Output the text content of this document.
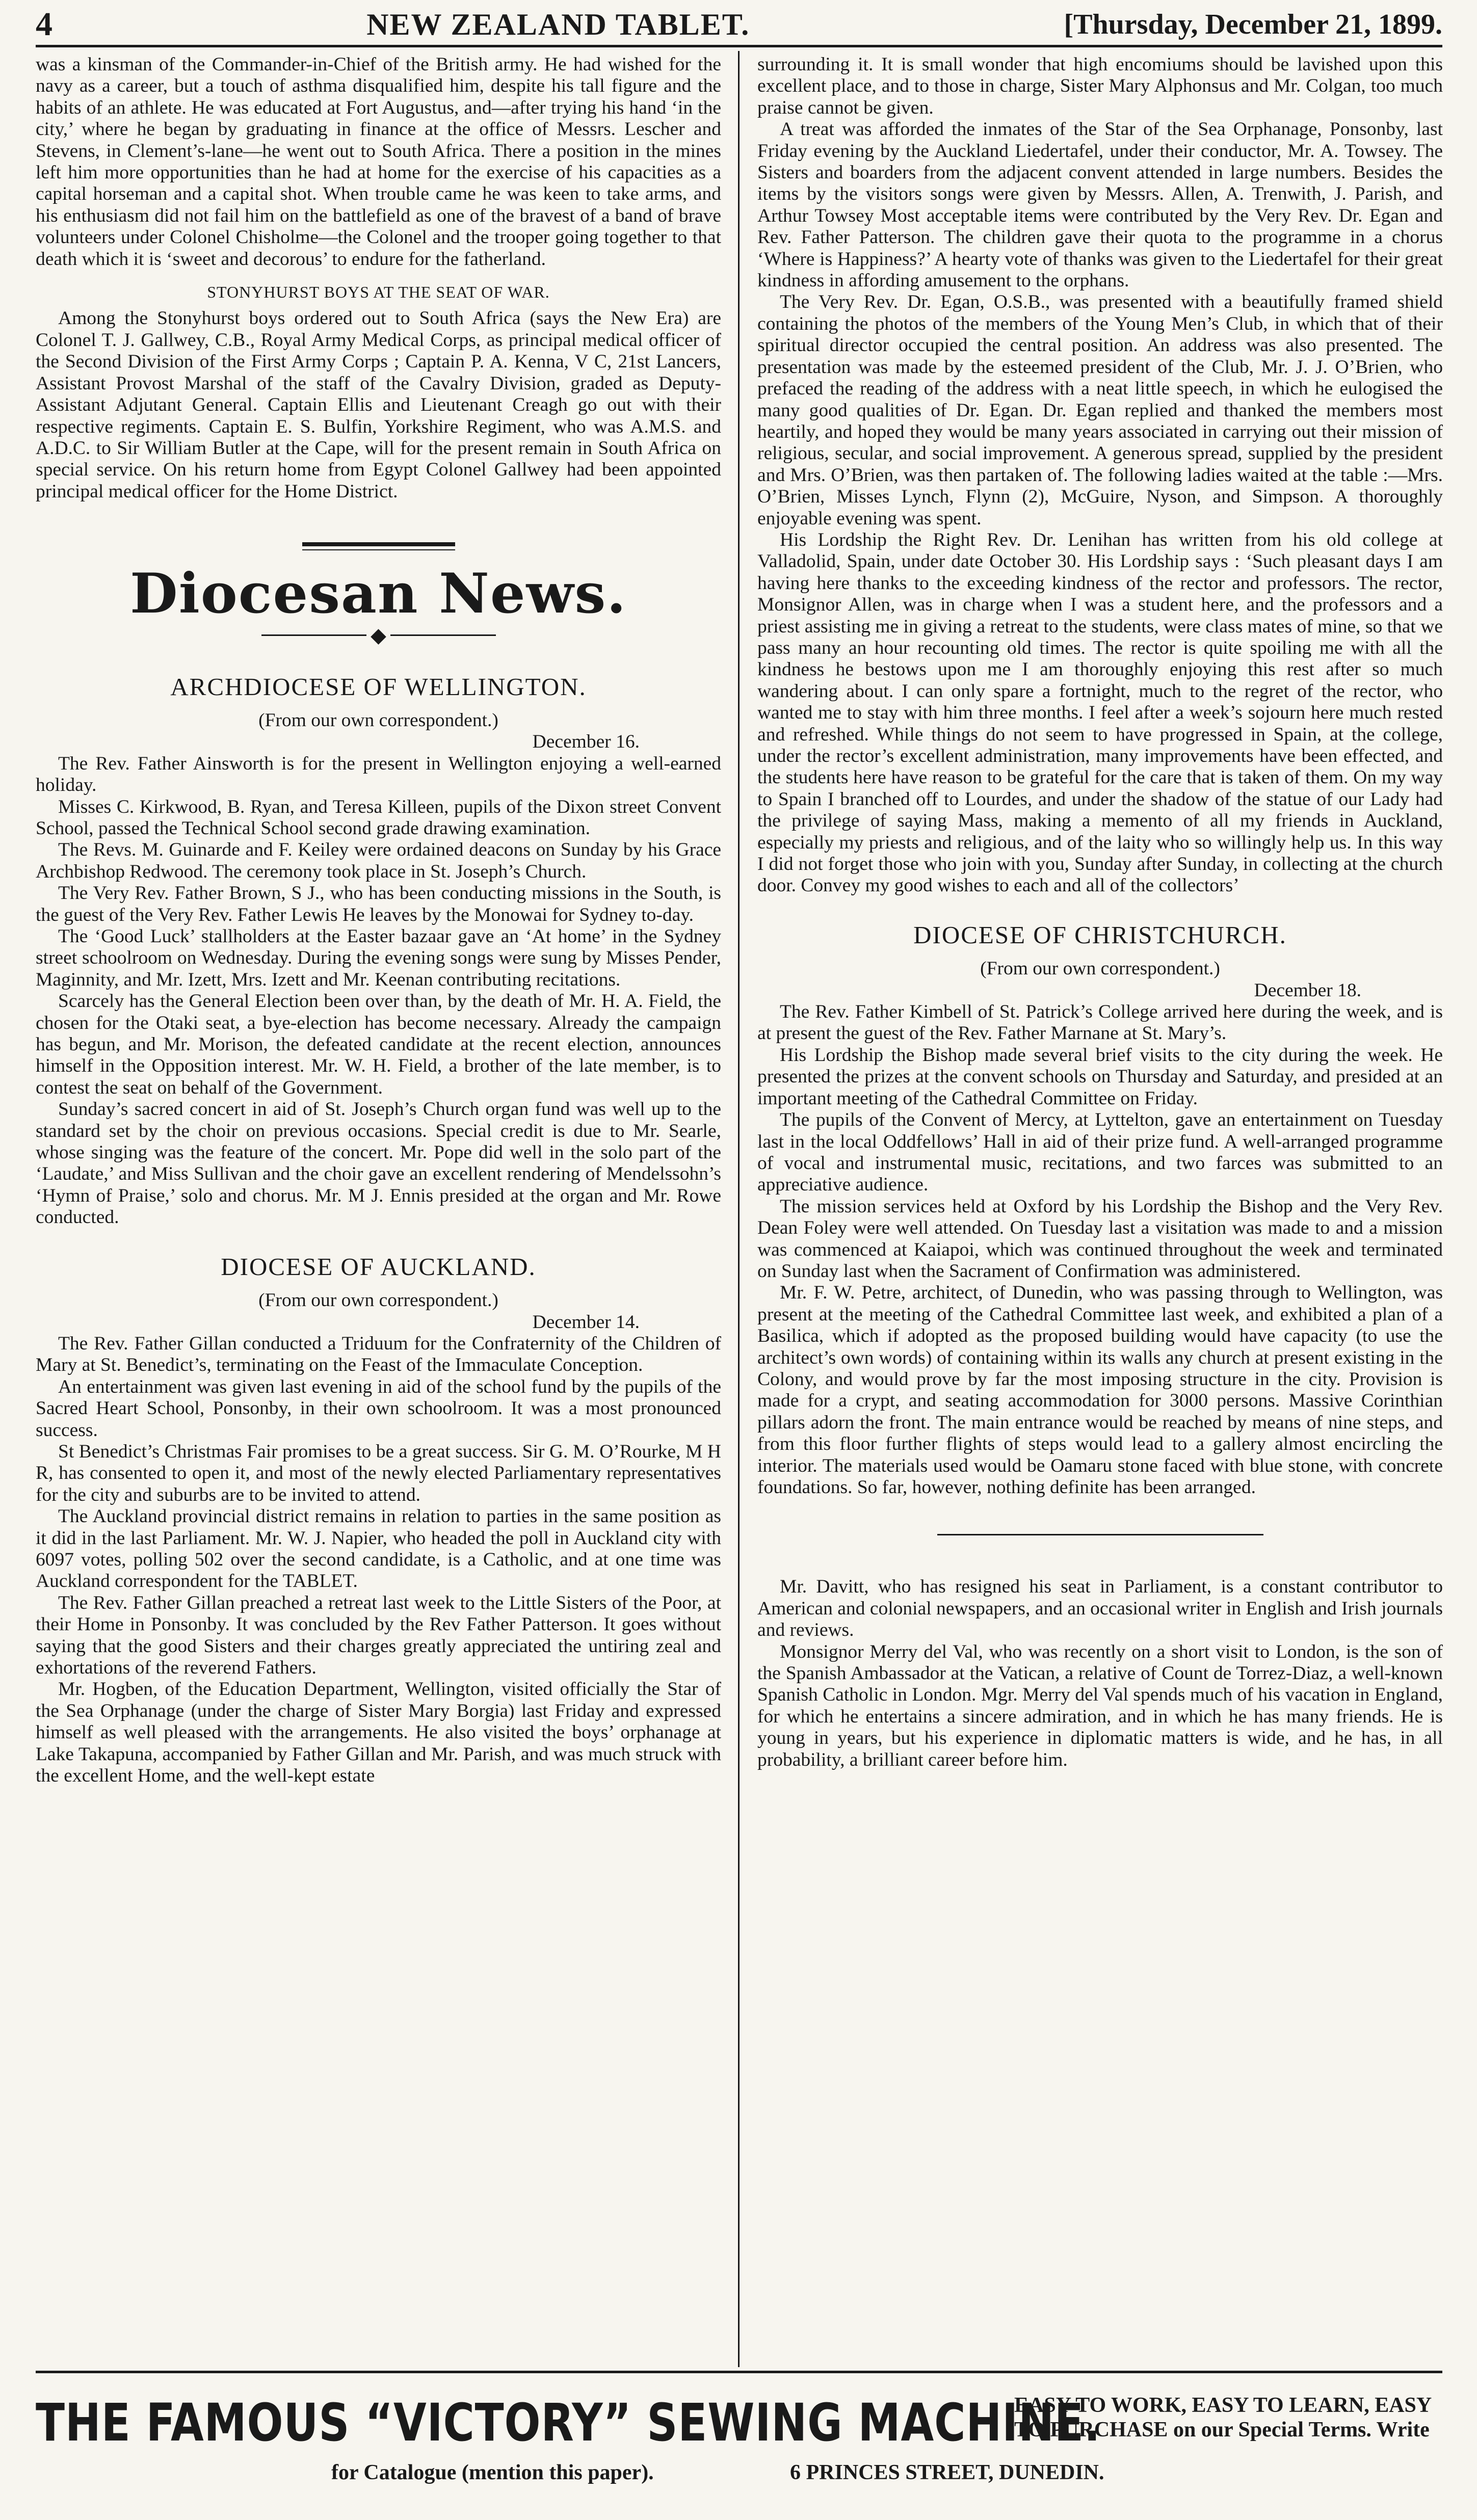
4	NEW ZEALAND TABLET.	[Thursday, December 21, 1899.

was a kinsman of the Commander-in-Chief of the British army. He had wished for the navy as a career, but a touch of asthma disqualified him, despite his tall figure and the habits of an athlete. He was educated at Fort Augustus, and—after trying his hand ‘in the city,’ where he began by graduating in finance at the office of Messrs. Lescher and Stevens, in Clement’s-lane—he went out to South Africa. There a position in the mines left him more opportunities than he had at home for the exercise of his capacities as a capital horseman and a capital shot. When trouble came he was keen to take arms, and his enthusiasm did not fail him on the battlefield as one of the bravest of a band of brave volunteers under Colonel Chisholme—the Colonel and the trooper going together to that death which it is ‘sweet and decorous’ to endure for the fatherland.

STONYHURST BOYS AT THE SEAT OF WAR.

Among the Stonyhurst boys ordered out to South Africa (says the New Era) are Colonel T. J. Gallwey, C.B., Royal Army Medical Corps, as principal medical officer of the Second Division of the First Army Corps ; Captain P. A. Kenna, V C, 21st Lancers, Assistant Provost Marshal of the staff of the Cavalry Division, graded as Deputy-Assistant Adjutant General. Captain Ellis and Lieutenant Creagh go out with their respective regiments. Captain E. S. Bulfin, Yorkshire Regiment, who was A.M.S. and A.D.C. to Sir William Butler at the Cape, will for the present remain in South Africa on special service. On his return home from Egypt Colonel Gallwey had been appointed principal medical officer for the Home District.

Diocesan News.
◆
ARCHDIOCESE OF WELLINGTON.
(From our own correspondent.)
December 16.

The Rev. Father Ainsworth is for the present in Wellington enjoying a well-earned holiday.

Misses C. Kirkwood, B. Ryan, and Teresa Killeen, pupils of the Dixon street Convent School, passed the Technical School second grade drawing examination.

The Revs. M. Guinarde and F. Keiley were ordained deacons on Sunday by his Grace Archbishop Redwood. The ceremony took place in St. Joseph’s Church.

The Very Rev. Father Brown, S J., who has been conducting missions in the South, is the guest of the Very Rev. Father Lewis He leaves by the Monowai for Sydney to-day.

The ‘Good Luck’ stallholders at the Easter bazaar gave an ‘At home’ in the Sydney street schoolroom on Wednesday. During the evening songs were sung by Misses Pender, Maginnity, and Mr. Izett, Mrs. Izett and Mr. Keenan contributing recitations.

Scarcely has the General Election been over than, by the death of Mr. H. A. Field, the chosen for the Otaki seat, a bye-election has become necessary. Already the campaign has begun, and Mr. Morison, the defeated candidate at the recent election, announces himself in the Opposition interest. Mr. W. H. Field, a brother of the late member, is to contest the seat on behalf of the Government.

Sunday’s sacred concert in aid of St. Joseph’s Church organ fund was well up to the standard set by the choir on previous occasions. Special credit is due to Mr. Searle, whose singing was the feature of the concert. Mr. Pope did well in the solo part of the ‘Laudate,’ and Miss Sullivan and the choir gave an excellent rendering of Mendelssohn’s ‘Hymn of Praise,’ solo and chorus. Mr. M J. Ennis presided at the organ and Mr. Rowe conducted.

DIOCESE OF AUCKLAND.
(From our own correspondent.)
December 14.

The Rev. Father Gillan conducted a Triduum for the Confraternity of the Children of Mary at St. Benedict’s, terminating on the Feast of the Immaculate Conception.

An entertainment was given last evening in aid of the school fund by the pupils of the Sacred Heart School, Ponsonby, in their own schoolroom. It was a most pronounced success.

St Benedict’s Christmas Fair promises to be a great success. Sir G. M. O’Rourke, M H R, has consented to open it, and most of the newly elected Parliamentary representatives for the city and suburbs are to be invited to attend.

The Auckland provincial district remains in relation to parties in the same position as it did in the last Parliament. Mr. W. J. Napier, who headed the poll in Auckland city with 6097 votes, polling 502 over the second candidate, is a Catholic, and at one time was Auckland correspondent for the TABLET.

The Rev. Father Gillan preached a retreat last week to the Little Sisters of the Poor, at their Home in Ponsonby. It was concluded by the Rev Father Patterson. It goes without saying that the good Sisters and their charges greatly appreciated the untiring zeal and exhortations of the reverend Fathers.

Mr. Hogben, of the Education Department, Wellington, visited officially the Star of the Sea Orphanage (under the charge of Sister Mary Borgia) last Friday and expressed himself as well pleased with the arrangements. He also visited the boys’ orphanage at Lake Takapuna, accompanied by Father Gillan and Mr. Parish, and was much struck with the excellent Home, and the well-kept estate

surrounding it. It is small wonder that high encomiums should be lavished upon this excellent place, and to those in charge, Sister Mary Alphonsus and Mr. Colgan, too much praise cannot be given.

A treat was afforded the inmates of the Star of the Sea Orphanage, Ponsonby, last Friday evening by the Auckland Liedertafel, under their conductor, Mr. A. Towsey. The Sisters and boarders from the adjacent convent attended in large numbers. Besides the items by the visitors songs were given by Messrs. Allen, A. Trenwith, J. Parish, and Arthur Towsey Most acceptable items were contributed by the Very Rev. Dr. Egan and Rev. Father Patterson. The children gave their quota to the programme in a chorus ‘Where is Happiness?’ A hearty vote of thanks was given to the Liedertafel for their great kindness in affording amusement to the orphans.

The Very Rev. Dr. Egan, O.S.B., was presented with a beautifully framed shield containing the photos of the members of the Young Men’s Club, in which that of their spiritual director occupied the central position. An address was also presented. The presentation was made by the esteemed president of the Club, Mr. J. J. O’Brien, who prefaced the reading of the address with a neat little speech, in which he eulogised the many good qualities of Dr. Egan. Dr. Egan replied and thanked the members most heartily, and hoped they would be many years associated in carrying out their mission of religious, secular, and social improvement. A generous spread, supplied by the president and Mrs. O’Brien, was then partaken of. The following ladies waited at the table :—Mrs. O’Brien, Misses Lynch, Flynn (2), McGuire, Nyson, and Simpson. A thoroughly enjoyable evening was spent.

His Lordship the Right Rev. Dr. Lenihan has written from his old college at Valladolid, Spain, under date October 30. His Lordship says : ‘Such pleasant days I am having here thanks to the exceeding kindness of the rector and professors. The rector, Monsignor Allen, was in charge when I was a student here, and the professors and a priest assisting me in giving a retreat to the students, were class mates of mine, so that we pass many an hour recounting old times. The rector is quite spoiling me with all the kindness he bestows upon me I am thoroughly enjoying this rest after so much wandering about. I can only spare a fortnight, much to the regret of the rector, who wanted me to stay with him three months. I feel after a week’s sojourn here much rested and refreshed. While things do not seem to have progressed in Spain, at the college, under the rector’s excellent administration, many improvements have been effected, and the students here have reason to be grateful for the care that is taken of them. On my way to Spain I branched off to Lourdes, and under the shadow of the statue of our Lady had the privilege of saying Mass, making a memento of all my friends in Auckland, especially my priests and religious, and of the laity who so willingly help us. In this way I did not forget those who join with you, Sunday after Sunday, in collecting at the church door. Convey my good wishes to each and all of the collectors’

DIOCESE OF CHRISTCHURCH.
(From our own correspondent.)
December 18.

The Rev. Father Kimbell of St. Patrick’s College arrived here during the week, and is at present the guest of the Rev. Father Marnane at St. Mary’s.

His Lordship the Bishop made several brief visits to the city during the week. He presented the prizes at the convent schools on Thursday and Saturday, and presided at an important meeting of the Cathedral Committee on Friday.

The pupils of the Convent of Mercy, at Lyttelton, gave an entertainment on Tuesday last in the local Oddfellows’ Hall in aid of their prize fund. A well-arranged programme of vocal and instrumental music, recitations, and two farces was submitted to an appreciative audience.

The mission services held at Oxford by his Lordship the Bishop and the Very Rev. Dean Foley were well attended. On Tuesday last a visitation was made to and a mission was commenced at Kaiapoi, which was continued throughout the week and terminated on Sunday last when the Sacrament of Confirmation was administered.

Mr. F. W. Petre, architect, of Dunedin, who was passing through to Wellington, was present at the meeting of the Cathedral Committee last week, and exhibited a plan of a Basilica, which if adopted as the proposed building would have capacity (to use the architect’s own words) of containing within its walls any church at present existing in the Colony, and would prove by far the most imposing structure in the city. Provision is made for a crypt, and seating accommodation for 3000 persons. Massive Corinthian pillars adorn the front. The main entrance would be reached by means of nine steps, and from this floor further flights of steps would lead to a gallery almost encircling the interior. The materials used would be Oamaru stone faced with blue stone, with concrete foundations. So far, however, nothing definite has been arranged.

Mr. Davitt, who has resigned his seat in Parliament, is a constant contributor to American and colonial newspapers, and an occasional writer in English and Irish journals and reviews.

Monsignor Merry del Val, who was recently on a short visit to London, is the son of the Spanish Ambassador at the Vatican, a relative of Count de Torrez-Diaz, a well-known Spanish Catholic in London. Mgr. Merry del Val spends much of his vacation in England, for which he entertains a sincere admiration, and in which he has many friends. He is young in years, but his experience in diplomatic matters is wide, and he has, in all probability, a brilliant career before him.

THE FAMOUS “VICTORY” SEWING MACHINE.
EASY TO WORK, EASY TO LEARN, EASY
TO PURCHASE on our Special Terms. Write
for Catalogue (mention this paper).	6 PRINCES STREET, DUNEDIN.
